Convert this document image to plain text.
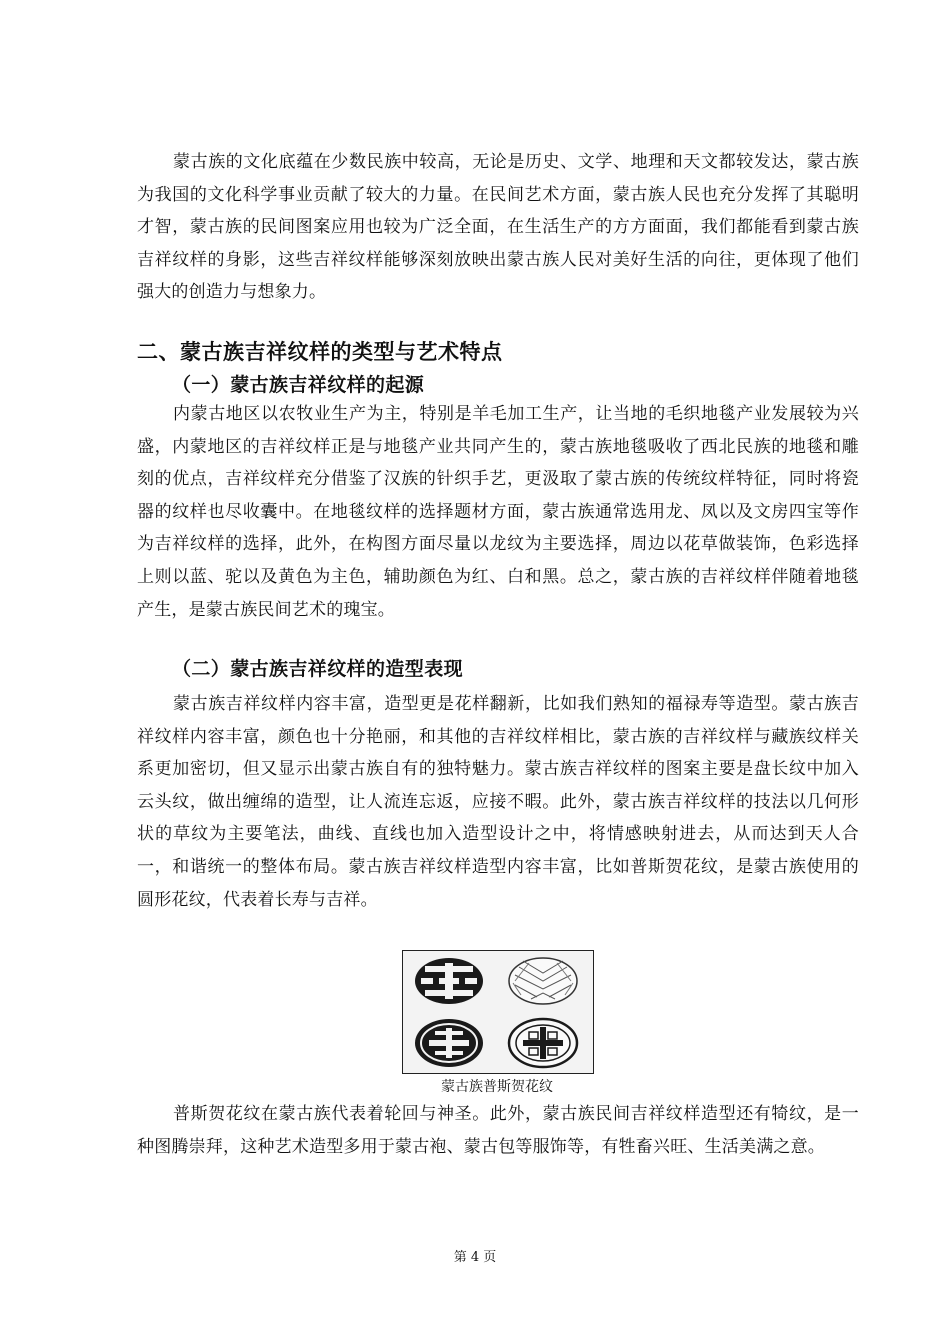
蒙古族的文化底蕴在少数民族中较高，无论是历史、文学、地理和天文都较发达，蒙古族为我国的文化科学事业贡献了较大的力量。在民间艺术方面，蒙古族人民也充分发挥了其聪明才智，蒙古族的民间图案应用也较为广泛全面，在生活生产的方方面面，我们都能看到蒙古族吉祥纹样的身影，这些吉祥纹样能够深刻放映出蒙古族人民对美好生活的向往，更体现了他们强大的创造力与想象力。

二、蒙古族吉祥纹样的类型与艺术特点

（一）蒙古族吉祥纹样的起源

内蒙古地区以农牧业生产为主，特别是羊毛加工生产，让当地的毛织地毯产业发展较为兴盛，内蒙地区的吉祥纹样正是与地毯产业共同产生的，蒙古族地毯吸收了西北民族的地毯和雕刻的优点，吉祥纹样充分借鉴了汉族的针织手艺，更汲取了蒙古族的传统纹样特征，同时将瓷器的纹样也尽收囊中。在地毯纹样的选择题材方面，蒙古族通常选用龙、凤以及文房四宝等作为吉祥纹样的选择，此外，在构图方面尽量以龙纹为主要选择，周边以花草做装饰，色彩选择上则以蓝、驼以及黄色为主色，辅助颜色为红、白和黑。总之，蒙古族的吉祥纹样伴随着地毯产生，是蒙古族民间艺术的瑰宝。

（二）蒙古族吉祥纹样的造型表现

蒙古族吉祥纹样内容丰富，造型更是花样翻新，比如我们熟知的福禄寿等造型。蒙古族吉祥纹样内容丰富，颜色也十分艳丽，和其他的吉祥纹样相比，蒙古族的吉祥纹样与藏族纹样关系更加密切，但又显示出蒙古族自有的独特魅力。蒙古族吉祥纹样的图案主要是盘长纹中加入云头纹，做出缠绵的造型，让人流连忘返，应接不暇。此外，蒙古族吉祥纹样的技法以几何形状的草纹为主要笔法，曲线、直线也加入造型设计之中，将情感映射进去，从而达到天人合一，和谐统一的整体布局。蒙古族吉祥纹样造型内容丰富，比如普斯贺花纹，是蒙古族使用的圆形花纹，代表着长寿与吉祥。

蒙古族普斯贺花纹

普斯贺花纹在蒙古族代表着轮回与神圣。此外，蒙古族民间吉祥纹样造型还有犄纹，是一种图腾崇拜，这种艺术造型多用于蒙古袍、蒙古包等服饰等，有牲畜兴旺、生活美满之意。

第 4 页
